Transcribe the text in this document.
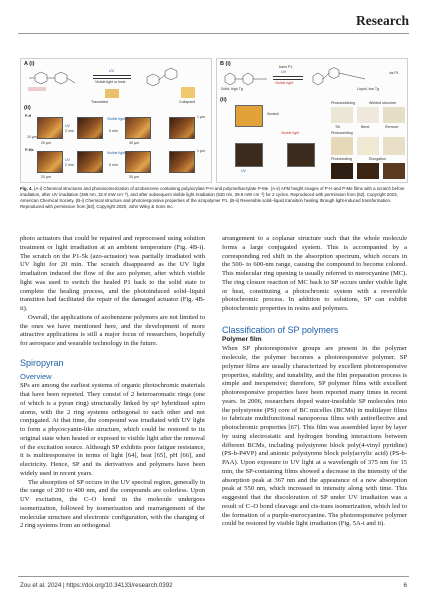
Research
A (i)
UV
Visible light or heat
Translated	Collapsed
(ii)
P-H
P-Me
Visible light
UV
2 min	5 min
1 µm
20 µm
10 µm
30 µm
Visible light
UV
2 min	5 min
1 µm
20 µm	30 µm
B (i)
Solid, high Tg
trans P1
UV
Visible light
cis P1
Liquid, low Tg
(ii)
Scratch
UV
Visible light
Photoswitching	Welded structure
Tilt	Bend	Remove
Photowelding
Photohealing	Elongation
Fig. 4. (A-i) Chemical structures and photoisomerization of azobenzene containing polyacrylate P-H and polymethacrylate P-Me. (A-ii) AFM height images of P-H and P-Me films with a scratch before irradiation, after UV irradiation (365 nm, 32.8 mW cm⁻²), and after subsequent visible light irradiation (530 nm, 39.9 mW cm⁻²) for 2 cycles. Reproduced with permission from [62]. Copyright 2023, American Chemical Society. (B-i) Chemical structure and photoresponsive properties of the azopolymer P1. (B-ii) Reversible solid–liquid transition healing through light-induced transformation. Reproduced with permission from [63]. Copyright 2020, John Wiley & Sons Inc.

photo actuators that could be repaired and reprocessed using solution treatment or light irradiation at an ambient temperature (Fig. 4B-i). The scratch on the P1-5k (azo-actuator) was partially irradiated with UV light for 20 min. The scratch disappeared as the UV light irradiation induced the flow of the azo polymer, after which visible light was used to switch the healed P1 back to the solid state to complete the healing process, and the photoinduced solid–liquid transition had facilitated the repair of the damaged actuator (Fig. 4B-ii).

Overall, the applications of azobenzene polymers are not limited to the ones we have mentioned here, and the development of more attractive applications is still a major focus of researchers, hopefully for aerospace and wearable technology in the future.

Spiropyran
Overview

SPs are among the earliest systems of organic photochromic materials that have been reported. They consist of 2 heteroaromatic rings (one of which is a pyran ring) structurally linked by sp³ hybridized spiro atoms, with the 2 ring systems orthogonal to each other and not conjugated. At that time, the compound was irradiated with UV light to form a phycocyanin-like structure, which could be restored to its original state when heated or exposed to visible light after the removal of the excitation source. Although SP exhibits poor fatigue resistance, it is multiresponsive in terms of light [64], heat [65], pH [66], and electricity. Hence, SP and its derivatives and polymers have been widely used in recent years.

The absorption of SP occurs in the UV spectral region, generally in the range of 200 to 400 nm, and the compounds are colorless. Upon UV excitation, the C–O bond in the molecule undergoes isomerization, followed by isomerization and rearrangement of the molecular structure and electronic configuration, with the changing of 2 ring systems from an orthogonal

arrangement to a coplanar structure such that the whole molecule forms a large conjugated system. This is accompanied by a corresponding red shift in the absorption spectrum, which occurs in the 500- to 600-nm range, causing the compound to become colored. This molecular ring opening is usually referred to merocyanine (MC). The ring closure reaction of MC back to SP occurs under visible light or heat, constituting a photochromic system with a reversible photochromic process. In addition to solutions, SP can exhibit photochromic properties in resins and polymers.

Classification of SP polymers
Polymer film

When SP photoresponsive groups are present in the polymer molecule, the polymer becomes a photoresponsive polymer. SP polymer films are usually characterized by excellent photoresponsive properties, stability, and tunability, and the film preparation process is simple and inexpensive; therefore, SP polymer films with excellent photoresponsive properties have been reported many times in recent years. In 2006, researchers doped water-insoluble SP molecules into the polystyrene (PS) core of BC micelles (BCMs) in multilayer films to fabricate multifunctional nanoporous films with antireflective and photochromic properties [67]. This film was assembled layer by layer by using electrostatic and hydrogen bonding interactions between different BCMs, including polystyrene block poly(4-vinyl pyridine) (PS-b-P4VP) and anionic polystyrene block poly(acrylic acid) (PS-b-PAA). Upon exposure to UV light at a wavelength of 375 nm for 15 min, the SP-containing films showed a decrease in the intensity of the absorption peak at 367 nm and the appearance of a new absorption peak at 550 nm, which increased in intensity along with time. This suggested that the discoloration of SP under UV irradiation was a result of C–O bond cleavage and cis-trans isomerization, which led to the formation of a purple-merocyanine. The photoresponsive polymer could be restored by visible light irradiation (Fig. 5A-i and ii).

Zou et al. 2024 | https://doi.org/10.34133/research.0392	6
